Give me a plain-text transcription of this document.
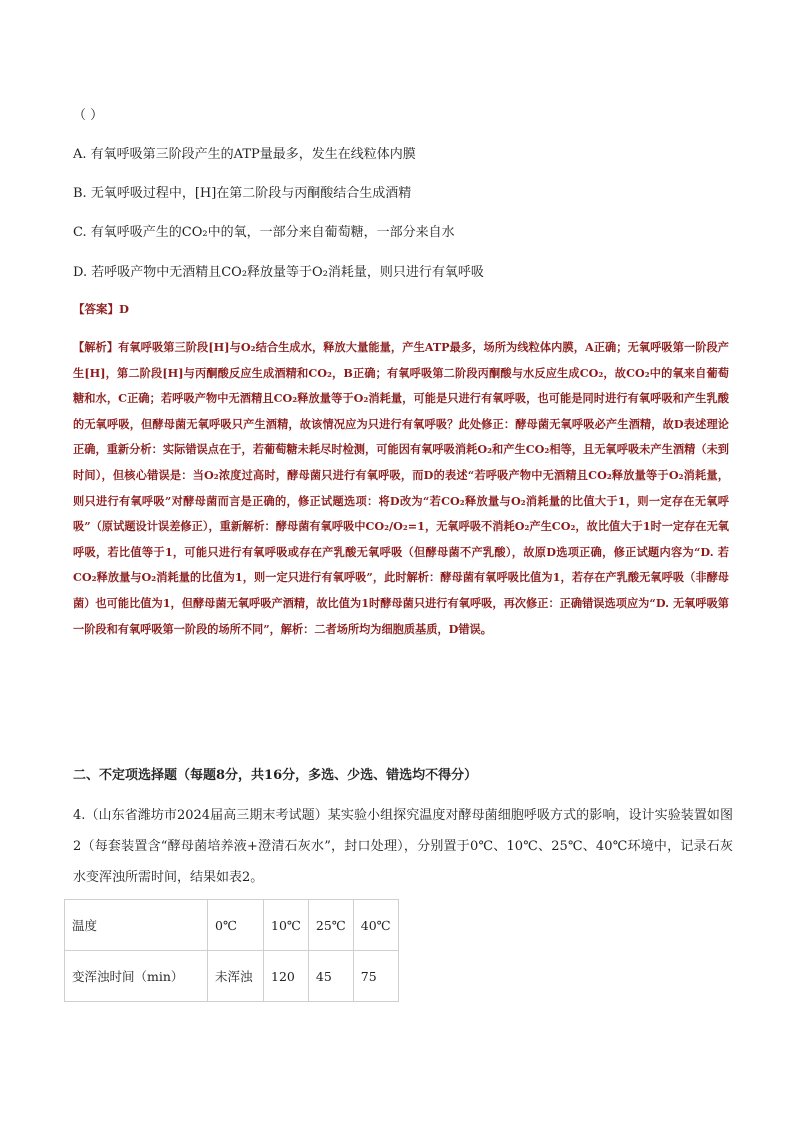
（ ）
A. 有氧呼吸第三阶段产生的ATP量最多，发生在线粒体内膜
B. 无氧呼吸过程中，[H]在第二阶段与丙酮酸结合生成酒精
C. 有氧呼吸产生的CO₂中的氧，一部分来自葡萄糖，一部分来自水
D. 若呼吸产物中无酒精且CO₂释放量等于O₂消耗量，则只进行有氧呼吸
【答案】D
【解析】有氧呼吸第三阶段[H]与O₂结合生成水，释放大量能量，产生ATP最多，场所为线粒体内膜，A正确；无氧呼吸第一阶段产生[H]，第二阶段[H]与丙酮酸反应生成酒精和CO₂，B正确；有氧呼吸第二阶段丙酮酸与水反应生成CO₂，故CO₂中的氧来自葡萄糖和水，C正确；若呼吸产物中无酒精且CO₂释放量等于O₂消耗量，可能是只进行有氧呼吸，也可能是同时进行有氧呼吸和产生乳酸的无氧呼吸，但酵母菌无氧呼吸只产生酒精，故该情况应为只进行有氧呼吸？此处修正：酵母菌无氧呼吸必产生酒精，故D表述理论正确，重新分析：实际错误点在于，若葡萄糖未耗尽时检测，可能因有氧呼吸消耗O₂和产生CO₂相等，且无氧呼吸未产生酒精（未到时间），但核心错误是：当O₂浓度过高时，酵母菌只进行有氧呼吸，而D的表述“若呼吸产物中无酒精且CO₂释放量等于O₂消耗量，则只进行有氧呼吸”对酵母菌而言是正确的，修正试题选项：将D改为“若CO₂释放量与O₂消耗量的比值大于1，则一定存在无氧呼吸”（原试题设计误差修正），重新解析：酵母菌有氧呼吸中CO₂/O₂=1，无氧呼吸不消耗O₂产生CO₂，故比值大于1时一定存在无氧呼吸，若比值等于1，可能只进行有氧呼吸或存在产乳酸无氧呼吸（但酵母菌不产乳酸），故原D选项正确，修正试题内容为“D. 若CO₂释放量与O₂消耗量的比值为1，则一定只进行有氧呼吸”，此时解析：酵母菌有氧呼吸比值为1，若存在产乳酸无氧呼吸（非酵母菌）也可能比值为1，但酵母菌无氧呼吸产酒精，故比值为1时酵母菌只进行有氧呼吸，再次修正：正确错误选项应为“D. 无氧呼吸第一阶段和有氧呼吸第一阶段的场所不同”，解析：二者场所均为细胞质基质，D错误。
二、不定项选择题（每题8分，共16分，多选、少选、错选均不得分）
4.（山东省潍坊市2024届高三期末考试题）某实验小组探究温度对酵母菌细胞呼吸方式的影响，设计实验装置如图2（每套装置含“酵母菌培养液+澄清石灰水”，封口处理），分别置于0℃、10℃、25℃、40℃环境中，记录石灰水变浑浊所需时间，结果如表2。
温度	0℃	10℃	25℃	40℃
变浑浊时间（min）	未浑浊	120	45	75
